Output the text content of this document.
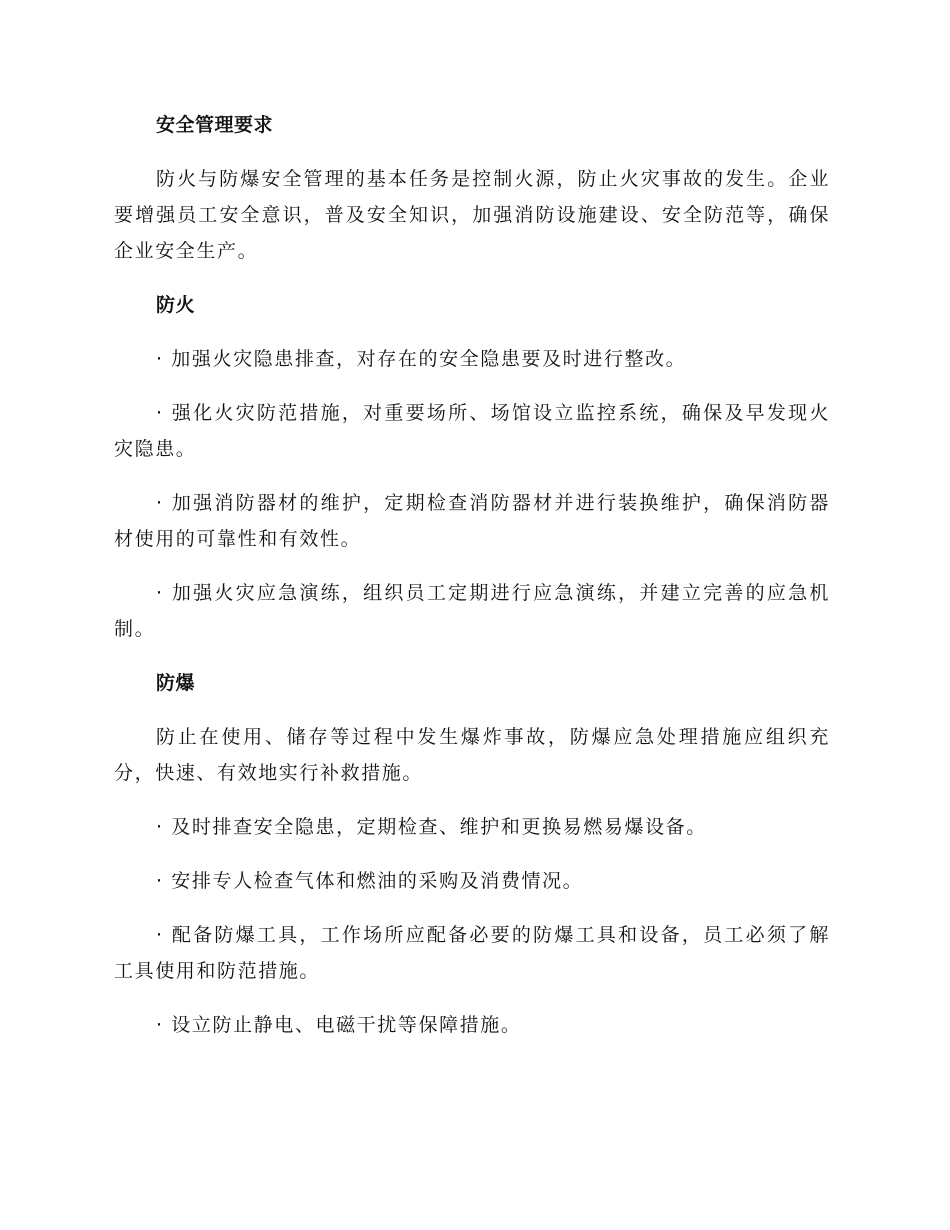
安全管理要求
防火与防爆安全管理的基本任务是控制火源，防止火灾事故的发生。企业要增强员工安全意识，普及安全知识，加强消防设施建设、安全防范等，确保企业安全生产。
防火
· 加强火灾隐患排查，对存在的安全隐患要及时进行整改。
· 强化火灾防范措施，对重要场所、场馆设立监控系统，确保及早发现火灾隐患。
· 加强消防器材的维护，定期检查消防器材并进行装换维护，确保消防器材使用的可靠性和有效性。
· 加强火灾应急演练，组织员工定期进行应急演练，并建立完善的应急机制。
防爆
防止在使用、储存等过程中发生爆炸事故，防爆应急处理措施应组织充分，快速、有效地实行补救措施。
· 及时排查安全隐患，定期检查、维护和更换易燃易爆设备。
· 安排专人检查气体和燃油的采购及消费情况。
· 配备防爆工具，工作场所应配备必要的防爆工具和设备，员工必须了解工具使用和防范措施。
· 设立防止静电、电磁干扰等保障措施。
